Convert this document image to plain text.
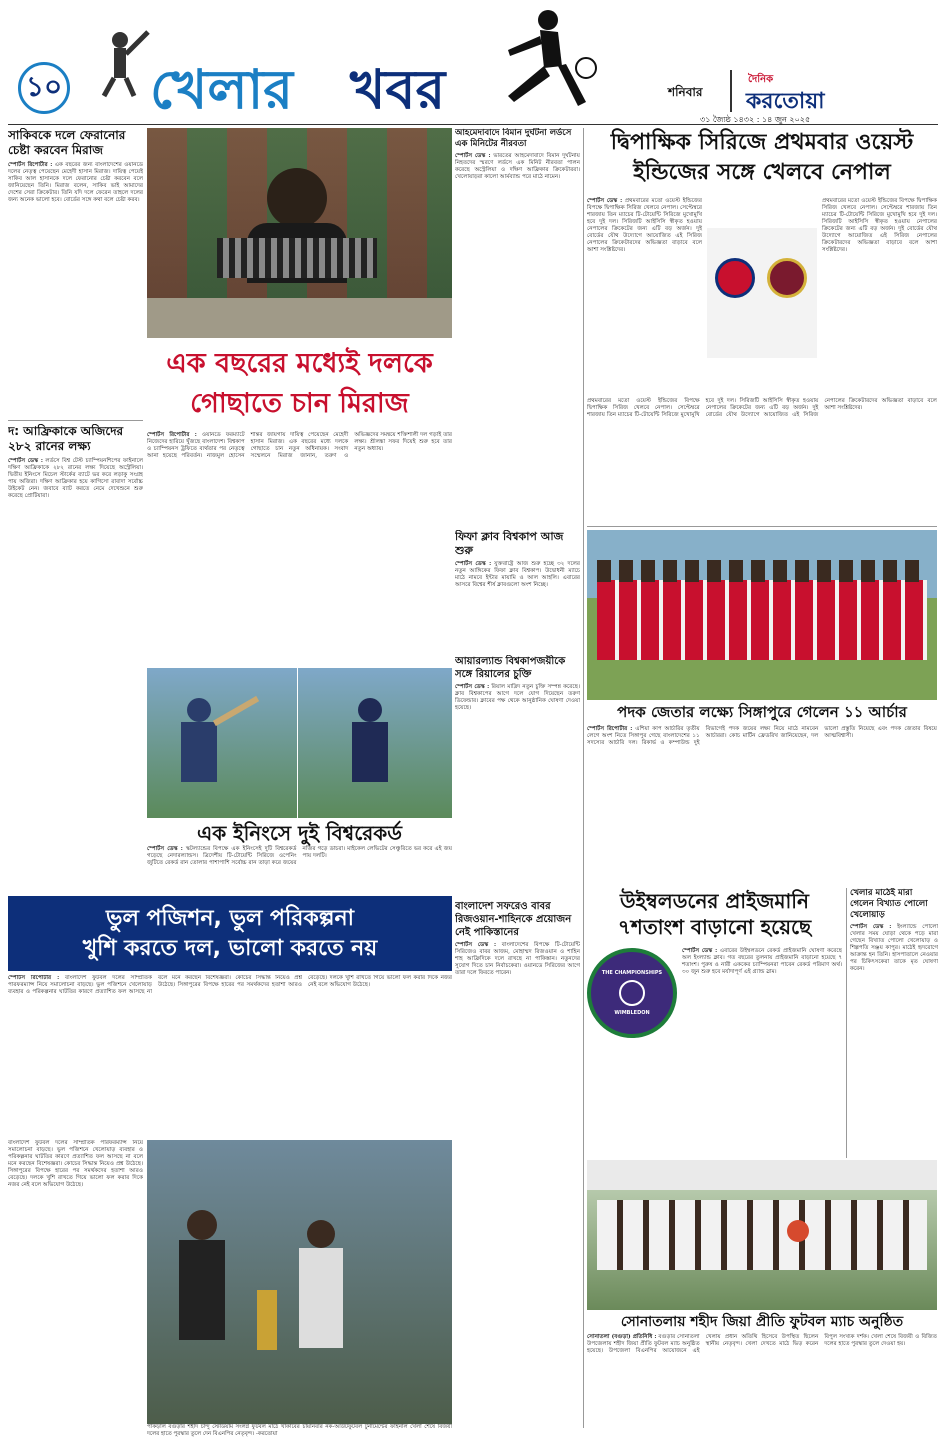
১০ খেলার খবর	শনিবার
দৈনিক
করতোয়া
৩১ জ্যৈষ্ঠ ১৪৩২ : ১৪ জুন ২০২৫
সাকিবকে দলে ফেরানোর চেষ্টা করবেন মিরাজ
স্পোর্টস রিপোর্টার : এক বছরের জন্য বাংলাদেশের ওয়ানডে দলের নেতৃত্ব পেয়েছেন মেহেদী হাসান মিরাজ। দায়িত্ব পেয়েই সাকিব আল হাসানকে দলে ফেরানোর চেষ্টা করবেন বলে জানিয়েছেন তিনি। মিরাজ বলেন, সাকিব ভাই আমাদের দেশের সেরা ক্রিকেটার। তিনি যদি দলে ফেরেন তাহলে দলের জন্য অনেক ভালো হবে। বোর্ডের সঙ্গে কথা বলে চেষ্টা করব।
দ: আফ্রিকাকে অজিদের ২৮২ রানের লক্ষ্য
স্পোর্টস ডেস্ক : লর্ডসে বিশ্ব টেস্ট চ্যাম্পিয়নশিপের ফাইনালে দক্ষিণ আফ্রিকাকে ২৮২ রানের লক্ষ্য দিয়েছে অস্ট্রেলিয়া। দ্বিতীয় ইনিংসে মিচেল স্টার্কের ব্যাটে ভর করে লড়াকু সংগ্রহ পায় অজিরা। দক্ষিণ আফ্রিকার হয়ে কাগিসো রাবাদা সর্বোচ্চ উইকেট নেন। জবাবে ব্যাট করতে নেমে দেখেশুনে শুরু করেছে প্রোটিয়ারা।
এক বছরের মধ্যেই দলকে গোছাতে চান মিরাজ
স্পোর্টস রিপোর্টার : ওয়ানডে ফরম্যাটে নিজেদের হারিয়ে খুঁজছে বাংলাদেশ। বিশ্বকাপ ও চ্যাম্পিয়নস ট্রফিতে ব্যর্থতার পর নেতৃত্বে আনা হয়েছে পরিবর্তন। নাজমুল হোসেন শান্তর জায়গায় দায়িত্ব পেয়েছেন মেহেদী হাসান মিরাজ। এক বছরের মধ্যে দলকে গোছাতে চান নতুন অধিনায়ক। সংবাদ সম্মেলনে মিরাজ জানান, তরুণ ও অভিজ্ঞদের সমন্বয়ে শক্তিশালী দল গড়াই তার লক্ষ্য। শ্রীলঙ্কা সফর দিয়েই শুরু হবে তার নতুন অধ্যায়।
এক ইনিংসে দুই বিশ্বরেকর্ড
স্পোর্টস ডেস্ক : স্কটল্যান্ডের বিপক্ষে এক ইনিংসেই দুটি বিশ্বরেকর্ড গড়েছে নেদারল্যান্ডস। ত্রিদেশীয় টি-টোয়েন্টি সিরিজে ওপেনিং জুটিতে রেকর্ড রান তোলার পাশাপাশি সর্বোচ্চ রান তাড়া করে জয়ের নজির গড়ে ডাচরা। মাইকেল লেভিটের সেঞ্চুরিতে ভর করে এই জয় পায় দলটি।
আহমেদাবাদে বিমান দুর্ঘটনা লর্ডসে এক মিনিটের নীরবতা
স্পোর্টস ডেস্ক : ভারতের আহমেদাবাদে বিমান দুর্ঘটনায় নিহতদের স্মরণে লর্ডসে এক মিনিট নীরবতা পালন করেছে অস্ট্রেলিয়া ও দক্ষিণ আফ্রিকার ক্রিকেটাররা। খেলোয়াড়রা কালো আর্মব্যান্ড পরে মাঠে নামেন।
ফিফা ক্লাব বিশ্বকাপ আজ শুরু
স্পোর্টস ডেস্ক : যুক্তরাষ্ট্রে আজ শুরু হচ্ছে ৩২ দলের নতুন আঙ্গিকের ফিফা ক্লাব বিশ্বকাপ। উদ্বোধনী ম্যাচে মাঠে নামবে ইন্টার মায়ামি ও আল আহলি। এবারের আসরে বিশ্বের শীর্ষ ক্লাবগুলো অংশ নিচ্ছে।
আয়ারল্যান্ড বিশ্বকাপজয়ীকে সঙ্গে রিয়ালের চুক্তি
স্পোর্টস ডেস্ক : রিয়াল মাদ্রিদ নতুন চুক্তি সম্পন্ন করেছে। ক্লাব বিশ্বকাপের আগে দলে যোগ দিয়েছেন তরুণ ডিফেন্ডার। ক্লাবের পক্ষ থেকে আনুষ্ঠানিক ঘোষণা দেওয়া হয়েছে।
বাংলাদেশ সফরেও বাবর রিজওয়ান-শাহিনকে প্রয়োজন নেই পাকিস্তানের
স্পোর্টস ডেস্ক : বাংলাদেশের বিপক্ষে টি-টোয়েন্টি সিরিজেও বাবর আজম, মোহাম্মদ রিজওয়ান ও শাহিন শাহ আফ্রিদিকে দলে রাখছে না পাকিস্তান। নতুনদের সুযোগ দিতে চান নির্বাচকেরা। ওয়ানডে সিরিজের আগে তারা দলে ফিরতে পারেন।
ভুল পজিশন, ভুল পরিকল্পনা
খুশি করতে দল, ভালো করতে নয়
স্পোর্টস রিপোর্টার : বাংলাদেশ ফুটবল দলের সাম্প্রতিক পারফরম্যান্স নিয়ে সমালোচনা বাড়ছে। ভুল পজিশনে খেলোয়াড় ব্যবহার ও পরিকল্পনার ঘাটতির কারণে প্রত্যাশিত ফল আসছে না বলে মনে করছেন বিশেষজ্ঞরা। কোচের সিদ্ধান্ত নিয়েও প্রশ্ন উঠেছে। সিঙ্গাপুরের বিপক্ষে হারের পর সমর্থকদের হতাশা আরও বেড়েছে। দলকে খুশি রাখতে গিয়ে ভালো ফল করার দিকে নজর নেই বলে অভিযোগ উঠেছে।
পাকড়াল বগুড়ার শহীদ চান্দু স্টেডিয়াম সংলগ্ন ফুটবল মাঠে খাকাবের চায়ানবার নক-আউটফুটবল টুর্নামেন্টের ফাইনাল খেলা শেষে বিজয়ী দলের হাতে পুরস্কার তুলে দেন বিএনপির নেতৃবৃন্দ। -করতোয়া
বাংলাদেশ ফুটবল দলের সাম্প্রতিক পারফরম্যান্স নিয়ে সমালোচনা বাড়ছে। ভুল পজিশনে খেলোয়াড় ব্যবহার ও পরিকল্পনার ঘাটতির কারণে প্রত্যাশিত ফল আসছে না বলে মনে করছেন বিশেষজ্ঞরা। কোচের সিদ্ধান্ত নিয়েও প্রশ্ন উঠেছে। সিঙ্গাপুরের বিপক্ষে হারের পর সমর্থকদের হতাশা আরও বেড়েছে। দলকে খুশি রাখতে গিয়ে ভালো ফল করার দিকে নজর নেই বলে অভিযোগ উঠেছে।
দ্বিপাক্ষিক সিরিজে প্রথমবার ওয়েস্ট ইন্ডিজের সঙ্গে খেলবে নেপাল
স্পোর্টস ডেস্ক : প্রথমবারের মতো ওয়েস্ট ইন্ডিজের বিপক্ষে দ্বিপাক্ষিক সিরিজ খেলবে নেপাল। সেপ্টেম্বরে শারজায় তিন ম্যাচের টি-টোয়েন্টি সিরিজে মুখোমুখি হবে দুই দল। সিরিজটি আইসিসি স্বীকৃত হওয়ায় নেপালের ক্রিকেটের জন্য এটি বড় অর্জন। দুই বোর্ডের যৌথ উদ্যোগে আয়োজিত এই সিরিজ নেপালের ক্রিকেটারদের অভিজ্ঞতা বাড়াবে বলে আশা সংশ্লিষ্টদের।
প্রথমবারের মতো ওয়েস্ট ইন্ডিজের বিপক্ষে দ্বিপাক্ষিক সিরিজ খেলবে নেপাল। সেপ্টেম্বরে শারজায় তিন ম্যাচের টি-টোয়েন্টি সিরিজে মুখোমুখি হবে দুই দল। সিরিজটি আইসিসি স্বীকৃত হওয়ায় নেপালের ক্রিকেটের জন্য এটি বড় অর্জন। দুই বোর্ডের যৌথ উদ্যোগে আয়োজিত এই সিরিজ নেপালের ক্রিকেটারদের অভিজ্ঞতা বাড়াবে বলে আশা সংশ্লিষ্টদের।
প্রথমবারের মতো ওয়েস্ট ইন্ডিজের বিপক্ষে দ্বিপাক্ষিক সিরিজ খেলবে নেপাল। সেপ্টেম্বরে শারজায় তিন ম্যাচের টি-টোয়েন্টি সিরিজে মুখোমুখি হবে দুই দল। সিরিজটি আইসিসি স্বীকৃত হওয়ায় নেপালের ক্রিকেটের জন্য এটি বড় অর্জন। দুই বোর্ডের যৌথ উদ্যোগে আয়োজিত এই সিরিজ নেপালের ক্রিকেটারদের অভিজ্ঞতা বাড়াবে বলে আশা সংশ্লিষ্টদের।
পদক জেতার লক্ষ্যে সিঙ্গাপুরে গেলেন ১১ আর্চার
স্পোর্টস রিপোর্টার : এশিয়া কাপ আর্চারির তৃতীয় লেগে অংশ নিতে সিঙ্গাপুর গেছে বাংলাদেশের ১১ সদস্যের আর্চারি দল। রিকার্ভ ও কম্পাউন্ড দুই বিভাগেই পদক জয়ের লক্ষ্য নিয়ে মাঠে নামবেন আর্চাররা। কোচ মার্টিন ফ্রেডরিখ জানিয়েছেন, দল ভালো প্রস্তুতি নিয়েছে এবং পদক জেতার বিষয়ে আত্মবিশ্বাসী।
উইম্বলডনের প্রাইজমানি ৭শতাংশ বাড়ানো হয়েছে
THE CHAMPIONSHIPS
WIMBLEDON
স্পোর্টস ডেস্ক : এবারের উইম্বলডনে রেকর্ড প্রাইজমানি ঘোষণা করেছে অল ইংল্যান্ড ক্লাব। গত বছরের তুলনায় প্রাইজমানি বাড়ানো হয়েছে ৭ শতাংশ। পুরুষ ও নারী এককের চ্যাম্পিয়নরা পাবেন রেকর্ড পরিমাণ অর্থ। ৩০ জুন শুরু হবে মর্যাদাপূর্ণ এই গ্র্যান্ড স্লাম।
খেলার মাঠেই মারা গেলেন বিখ্যাত পোলো খেলোয়াড়
স্পোর্টস ডেস্ক : ইংল্যান্ডে পোলো খেলার সময় ঘোড়া থেকে পড়ে মারা গেছেন বিখ্যাত পোলো খেলোয়াড় ও শিল্পপতি সঞ্জয় কাপুর। মাঠেই হৃদরোগে আক্রান্ত হন তিনি। হাসপাতালে নেওয়ার পর চিকিৎসকেরা তাকে মৃত ঘোষণা করেন।
সোনাতলায় শহীদ জিয়া প্রীতি ফুটবল ম্যাচ অনুষ্ঠিত
সোনাতলা (বগুড়া) প্রতিনিধি : বগুড়ার সোনাতলা উপজেলায় শহীদ জিয়া প্রীতি ফুটবল ম্যাচ অনুষ্ঠিত হয়েছে। উপজেলা বিএনপির আয়োজনে এই খেলায় প্রধান অতিথি হিসেবে উপস্থিত ছিলেন স্থানীয় নেতৃবৃন্দ। খেলা দেখতে মাঠে ভিড় করেন বিপুল সংখ্যক দর্শক। খেলা শেষে বিজয়ী ও বিজিত দলের হাতে পুরস্কার তুলে দেওয়া হয়।
